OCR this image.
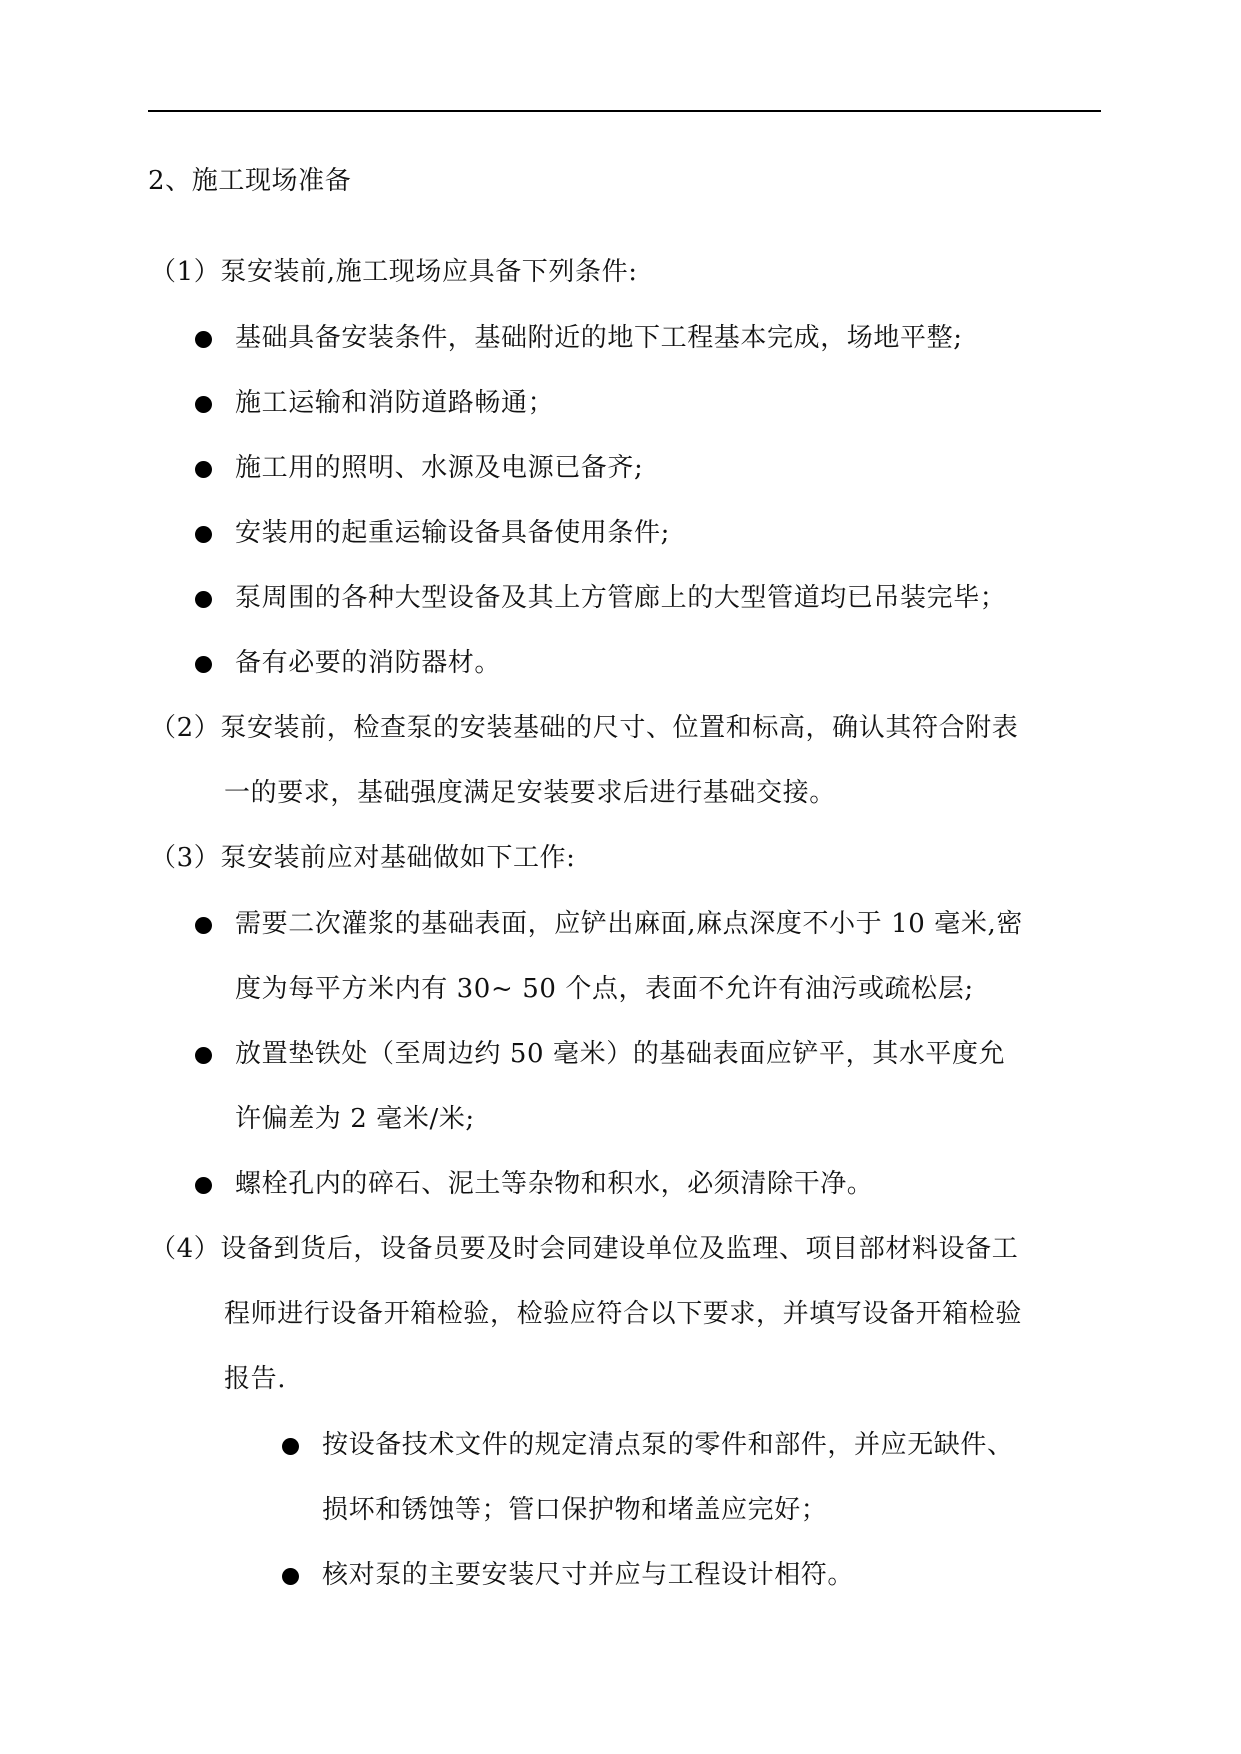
2、施工现场准备
（1）泵安装前,施工现场应具备下列条件:
基础具备安装条件，基础附近的地下工程基本完成，场地平整;
施工运输和消防道路畅通；
施工用的照明、水源及电源已备齐;
安装用的起重运输设备具备使用条件;
泵周围的各种大型设备及其上方管廊上的大型管道均已吊装完毕；
备有必要的消防器材。
（2）泵安装前，检查泵的安装基础的尺寸、位置和标高，确认其符合附表
一的要求，基础强度满足安装要求后进行基础交接。
（3）泵安装前应对基础做如下工作:
需要二次灌浆的基础表面，应铲出麻面,麻点深度不小于 10 毫米,密
度为每平方米内有 30~ 50 个点，表面不允许有油污或疏松层;
放置垫铁处（至周边约 50 毫米）的基础表面应铲平，其水平度允
许偏差为 2 毫米/米;
螺栓孔内的碎石、泥土等杂物和积水，必须清除干净。
（4）设备到货后，设备员要及时会同建设单位及监理、项目部材料设备工
程师进行设备开箱检验，检验应符合以下要求，并填写设备开箱检验
报告.
按设备技术文件的规定清点泵的零件和部件，并应无缺件、
损坏和锈蚀等；管口保护物和堵盖应完好；
核对泵的主要安装尺寸并应与工程设计相符。
